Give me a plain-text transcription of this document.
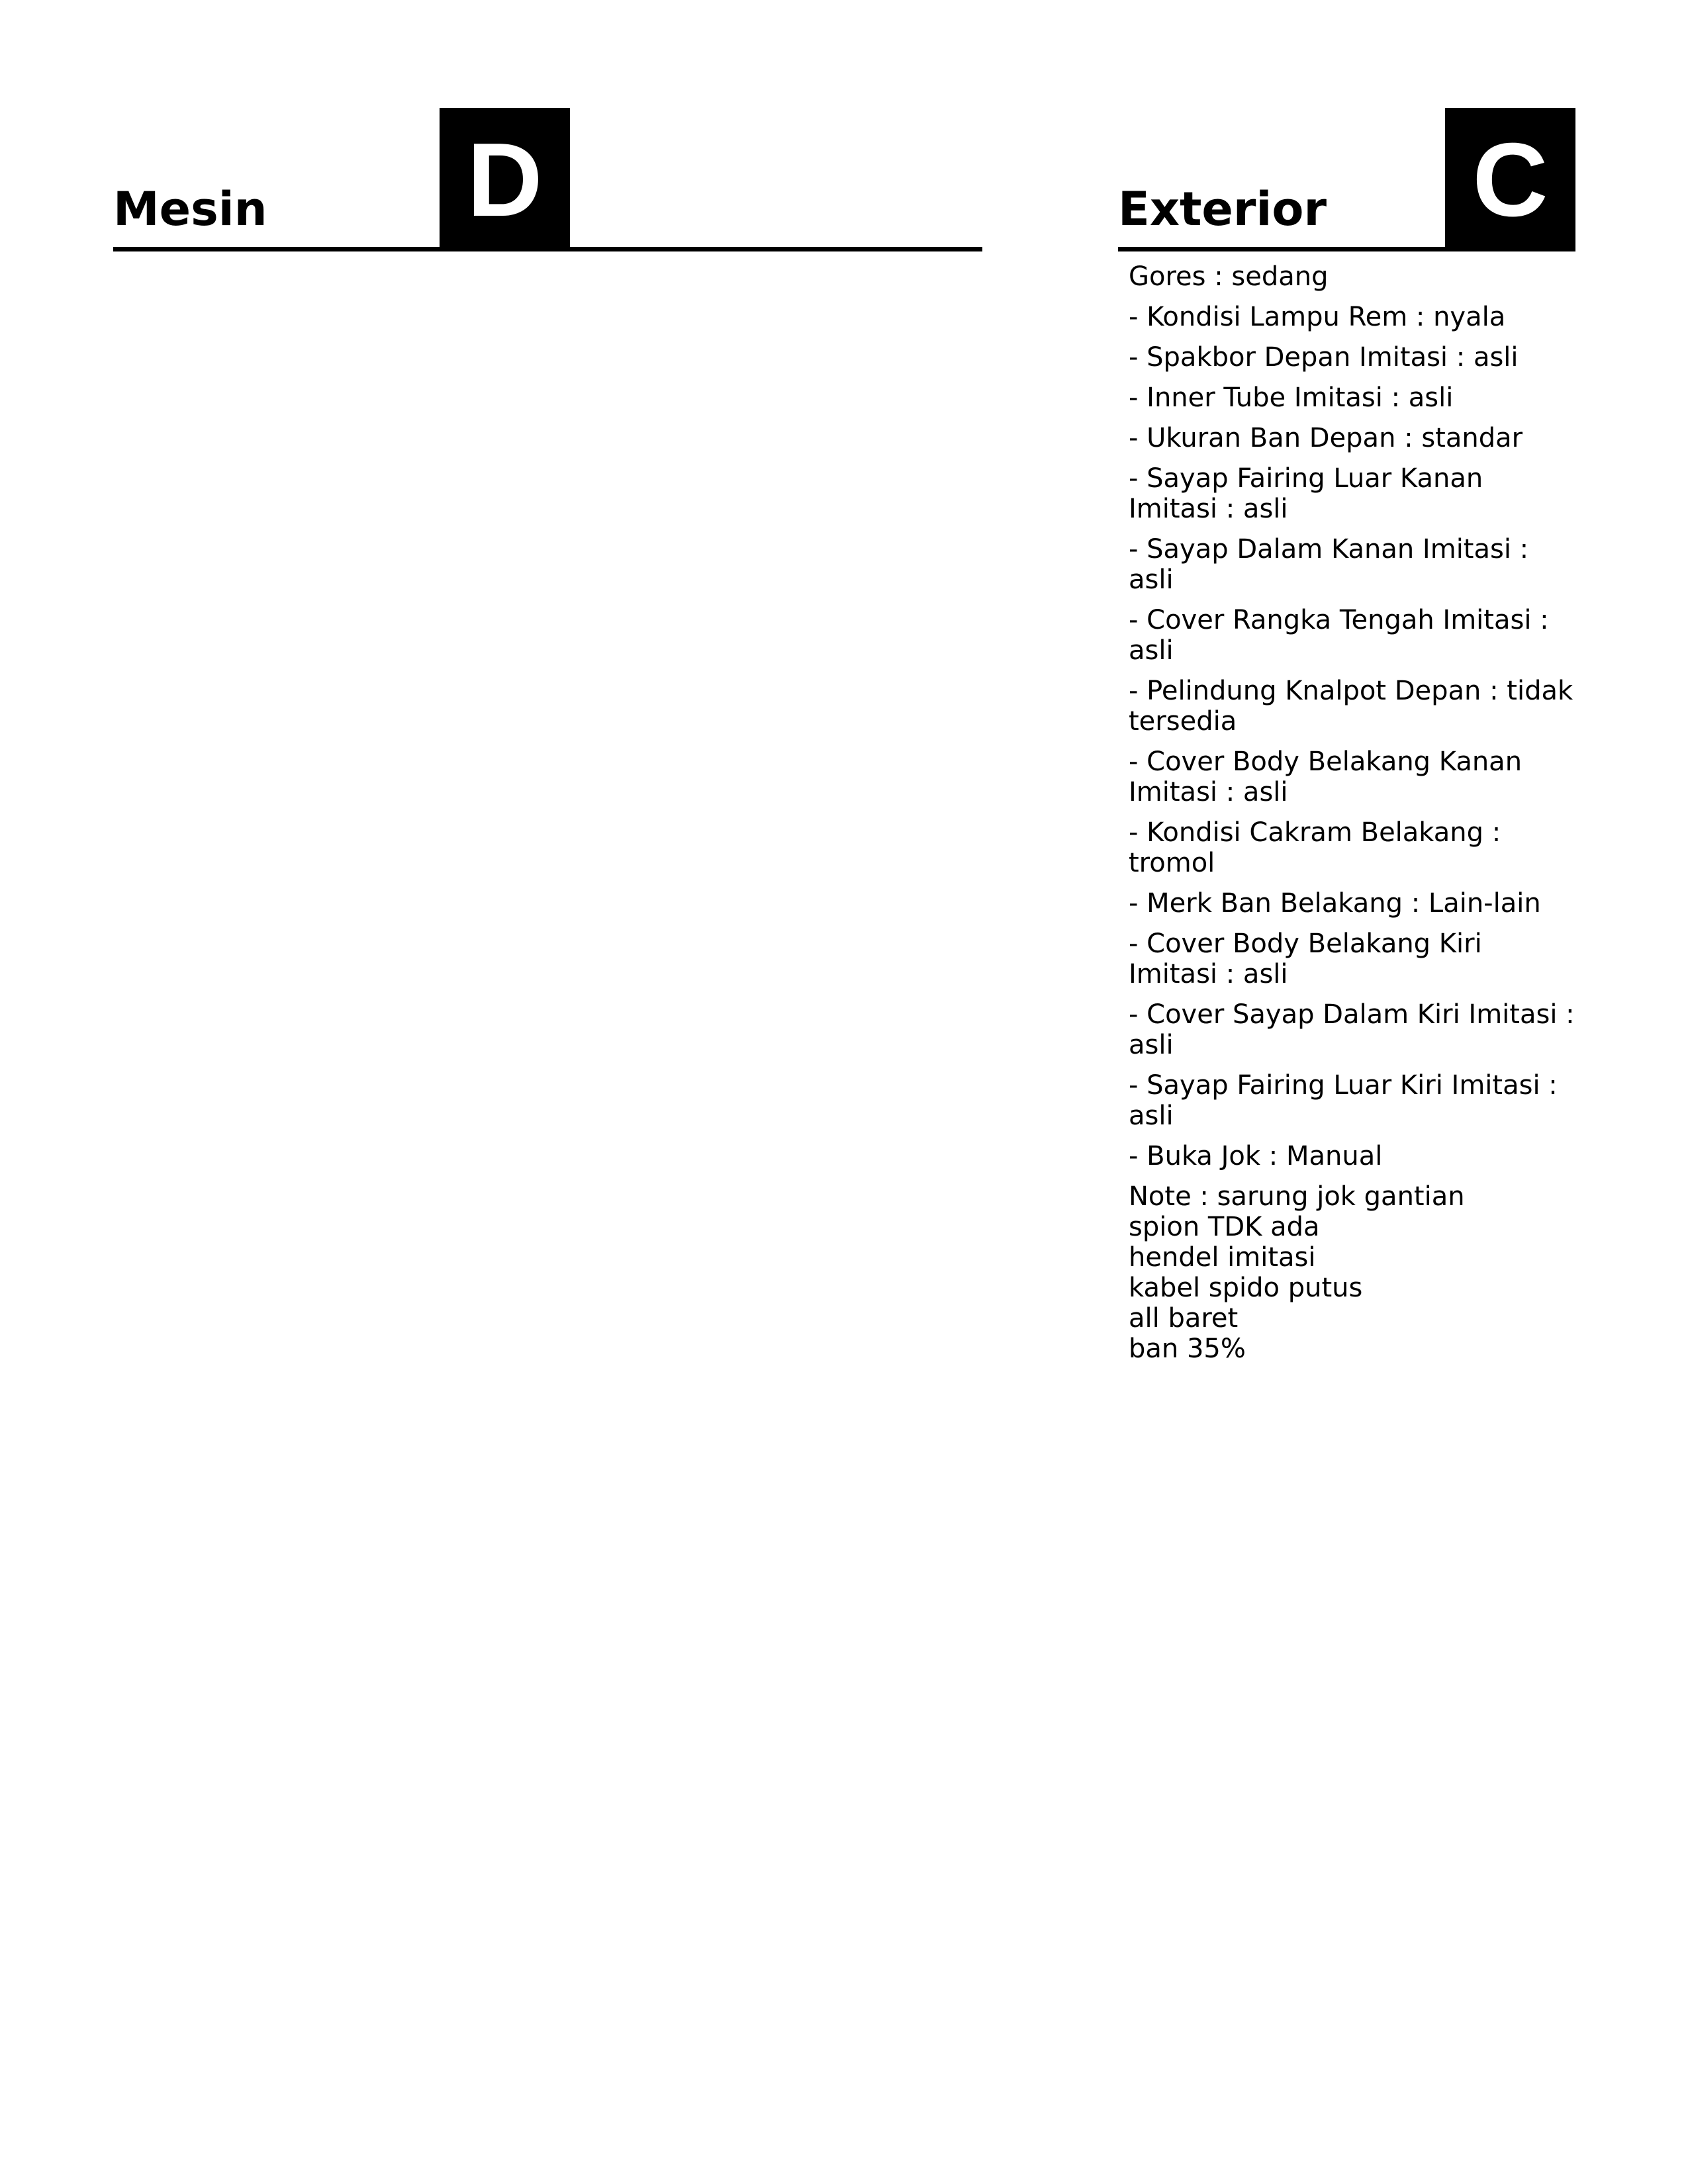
Mesin D	Exterior C
Gores : sedang
- Kondisi Lampu Rem : nyala
- Spakbor Depan Imitasi : asli
- Inner Tube Imitasi : asli
- Ukuran Ban Depan : standar
- Sayap Fairing Luar Kanan Imitasi : asli
- Sayap Dalam Kanan Imitasi : asli
- Cover Rangka Tengah Imitasi : asli
- Pelindung Knalpot Depan : tidak tersedia
- Cover Body Belakang Kanan Imitasi : asli
- Kondisi Cakram Belakang : tromol
- Merk Ban Belakang : Lain-lain
- Cover Body Belakang Kiri Imitasi : asli
- Cover Sayap Dalam Kiri Imitasi : asli
- Sayap Fairing Luar Kiri Imitasi : asli
- Buka Jok : Manual
Note : sarung jok gantian
spion TDK ada
hendel imitasi
kabel spido putus
all baret
ban 35%
